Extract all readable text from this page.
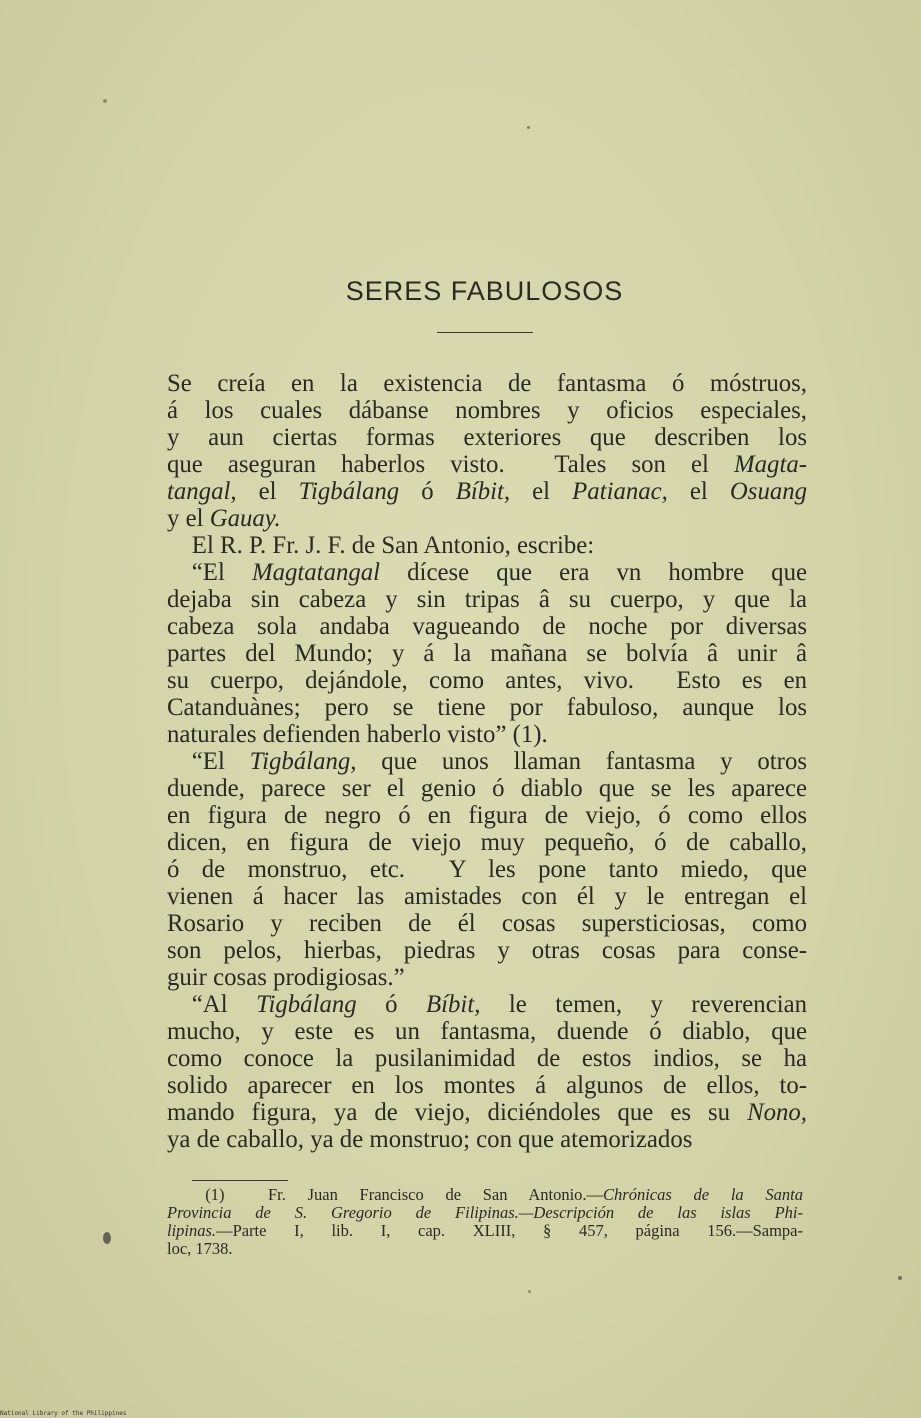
SERES FABULOSOS
Se creía en la existencia de fantasma ó móstruos,
á los cuales dábanse nombres y oficios especiales,
y aun ciertas formas exteriores que describen los
que aseguran haberlos visto.  Tales son el Magta-
tangal, el Tigbálang ó Bíbit, el Patianac, el Osuang
y el Gauay.
 El R. P. Fr. J. F. de San Antonio, escribe:
 “El Magtatangal dícese que era vn hombre que
dejaba sin cabeza y sin tripas â su cuerpo, y que la
cabeza sola andaba vagueando de noche por diversas
partes del Mundo; y á la mañana se bolvía â unir â
su cuerpo, dejándole, como antes, vivo.  Esto es en
Catanduànes; pero se tiene por fabuloso, aunque los
naturales defienden haberlo visto” (1).
 “El Tigbálang, que unos llaman fantasma y otros
duende, parece ser el genio ó diablo que se les aparece
en figura de negro ó en figura de viejo, ó como ellos
dicen, en figura de viejo muy pequeño, ó de caballo,
ó de monstruo, etc.  Y les pone tanto miedo, que
vienen á hacer las amistades con él y le entregan el
Rosario y reciben de él cosas supersticiosas, como
son pelos, hierbas, piedras y otras cosas para conse-
guir cosas prodigiosas.”
 “Al Tigbálang ó Bíbit, le temen, y reverencian
mucho, y este es un fantasma, duende ó diablo, que
como conoce la pusilanimidad de estos indios, se ha
solido aparecer en los montes á algunos de ellos, to-
mando figura, ya de viejo, diciéndoles que es su Nono,
ya de caballo, ya de monstruo; con que atemorizados
  (1)  Fr. Juan Francisco de San Antonio.—Chrónicas de la Santa
Provincia de S. Gregorio de Filipinas.—Descripción de las islas Phi-
lipinas.—Parte I, lib. I, cap. XLIII, § 457, página 156.—Sampa-
loc, 1738.
National Library of the Philippines
